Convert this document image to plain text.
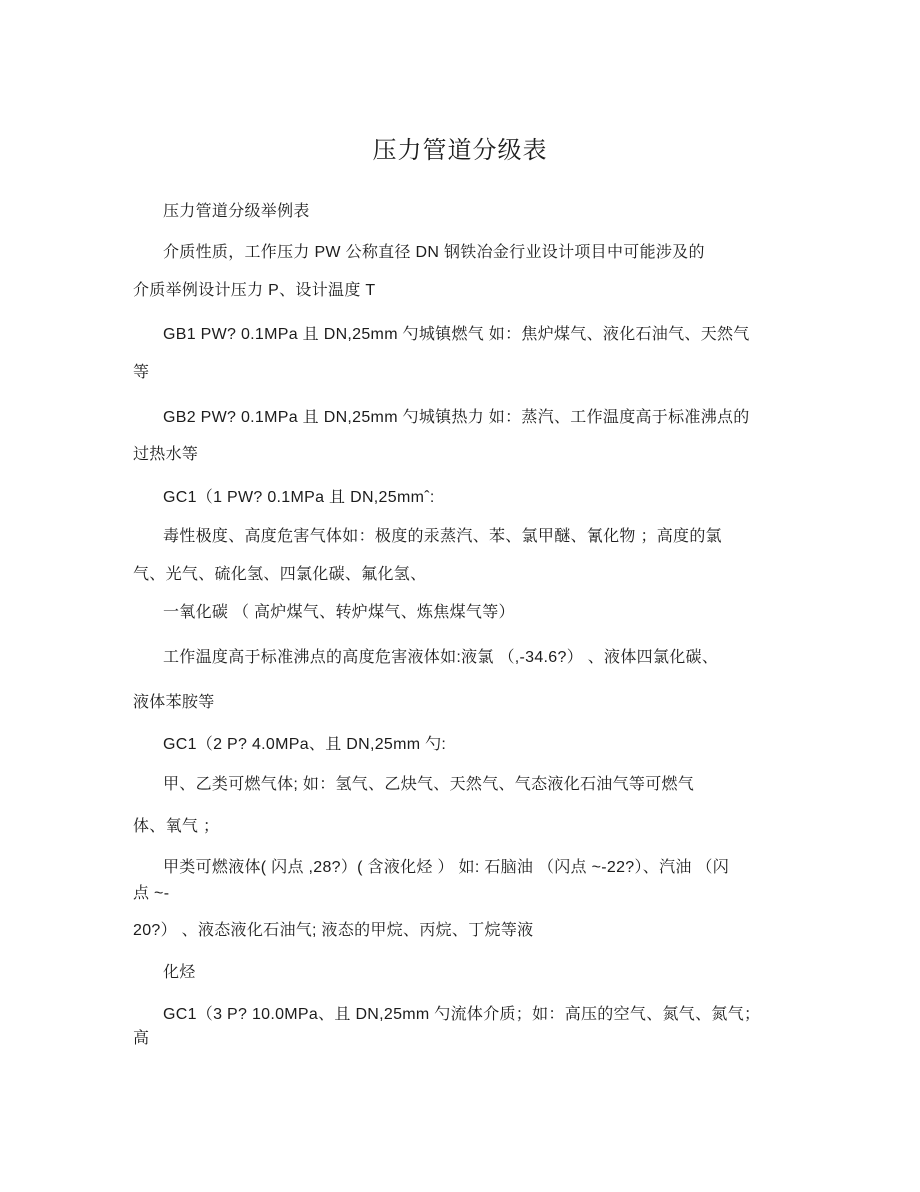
压力管道分级表
压力管道分级举例表
介质性质，工作压力 PW 公称直径 DN 钢铁冶金行业设计项目中可能涉及的
介质举例设计压力 P、设计温度 T
GB1 PW? 0.1MPa 且 DN,25mm 勺城镇燃气 如：焦炉煤气、液化石油气、天然气
等
GB2 PW? 0.1MPa 且 DN,25mm 勺城镇热力 如：蒸汽、工作温度高于标准沸点的
过热水等
GC1（1 PW? 0.1MPa 且 DN,25mmˆ:
毒性极度、高度危害气体如：极度的汞蒸汽、苯、氯甲醚、氰化物 ；高度的氯
气、光气、硫化氢、四氯化碳、氟化氢、
一氧化碳 （ 高炉煤气、转炉煤气、炼焦煤气等）
工作温度高于标准沸点的高度危害液体如:液氯 （,-34.6?） 、液体四氯化碳、
液体苯胺等
GC1（2 P? 4.0MPa、且 DN,25mm 勺:
甲、乙类可燃气体; 如：氢气、乙炔气、天然气、气态液化石油气等可燃气
体、氧气 ；
甲类可燃液体( 闪点 ,28?）( 含液化烃 ） 如: 石脑油 （闪点 ~-22?）、汽油 （闪
点 ~-
20?） 、液态液化石油气; 液态的甲烷、丙烷、丁烷等液
化烃
GC1（3 P? 10.0MPa、且 DN,25mm 勺流体介质；如：高压的空气、氮气、氮气；
高
